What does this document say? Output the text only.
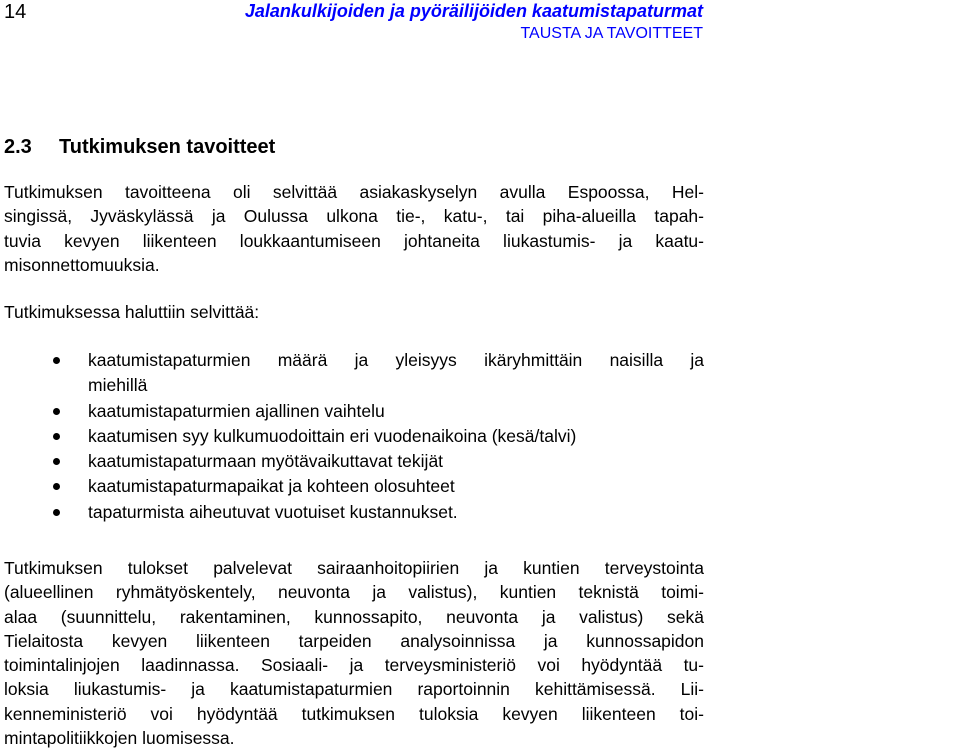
14	Jalankulkijoiden ja pyöräilijöiden kaatumistapaturmat
TAUSTA JA TAVOITTEET
2.3 Tutkimuksen tavoitteet

Tutkimuksen tavoitteena oli selvittää asiakaskyselyn avulla Espoossa, Hel-
singissä, Jyväskylässä ja Oulussa ulkona tie-, katu-, tai piha-alueilla tapah-
tuvia kevyen liikenteen loukkaantumiseen johtaneita liukastumis- ja kaatu-
misonnettomuuksia.

Tutkimuksessa haluttiin selvittää:

kaatumistapaturmien määrä ja yleisyys ikäryhmittäin naisilla ja
miehillä
kaatumistapaturmien ajallinen vaihtelu
kaatumisen syy kulkumuodoittain eri vuodenaikoina (kesä/talvi)
kaatumistapaturmaan myötävaikuttavat tekijät
kaatumistapaturmapaikat ja kohteen olosuhteet
tapaturmista aiheutuvat vuotuiset kustannukset.

Tutkimuksen tulokset palvelevat sairaanhoitopiirien ja kuntien terveystointa
(alueellinen ryhmätyöskentely, neuvonta ja valistus), kuntien teknistä toimi-
alaa (suunnittelu, rakentaminen, kunnossapito, neuvonta ja valistus) sekä
Tielaitosta kevyen liikenteen tarpeiden analysoinnissa ja kunnossapidon
toimintalinjojen laadinnassa. Sosiaali- ja terveysministeriö voi hyödyntää tu-
loksia liukastumis- ja kaatumistapaturmien raportoinnin kehittämisessä. Lii-
kenneministeriö voi hyödyntää tutkimuksen tuloksia kevyen liikenteen toi-
mintapolitiikkojen luomisessa.
